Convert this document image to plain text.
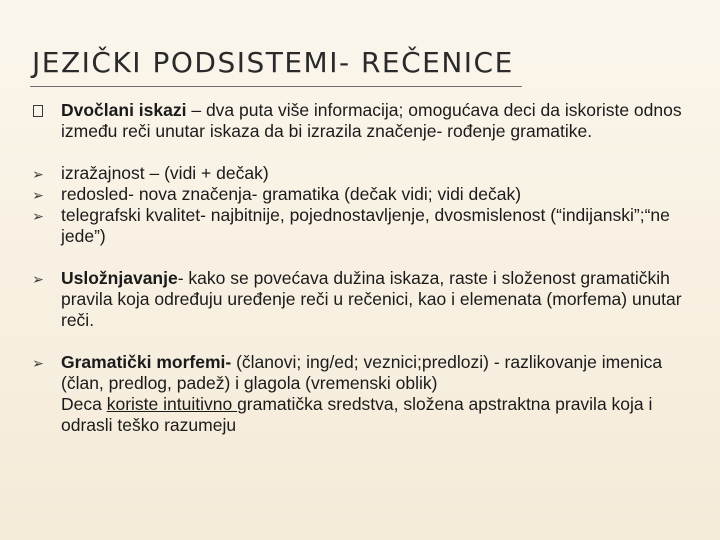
JEZIČKI PODSISTEMI- REČENICE
Dvočlani iskazi – dva puta više informacija; omogućava deci da iskoriste odnos između reči unutar iskaza da bi izrazila značenje- rođenje gramatike.
➢ izražajnost – (vidi + dečak)
➢ redosled- nova značenja- gramatika (dečak vidi; vidi dečak)
➢ telegrafski kvalitet- najbitnije, pojednostavljenje, dvosmislenost (“indijanski”;“ne jede”)
➢ Usložnjavanje- kako se povećava dužina iskaza, raste i složenost gramatičkih pravila koja određuju uređenje reči u rečenici, kao i elemenata (morfema) unutar reči.
➢ Gramatički morfemi- (članovi; ing/ed; veznici;predlozi) - razlikovanje imenica (član, predlog, padež) i glagola (vremenski oblik)
Deca koriste intuitivno gramatička sredstva, složena apstraktna pravila koja i odrasli teško razumeju
